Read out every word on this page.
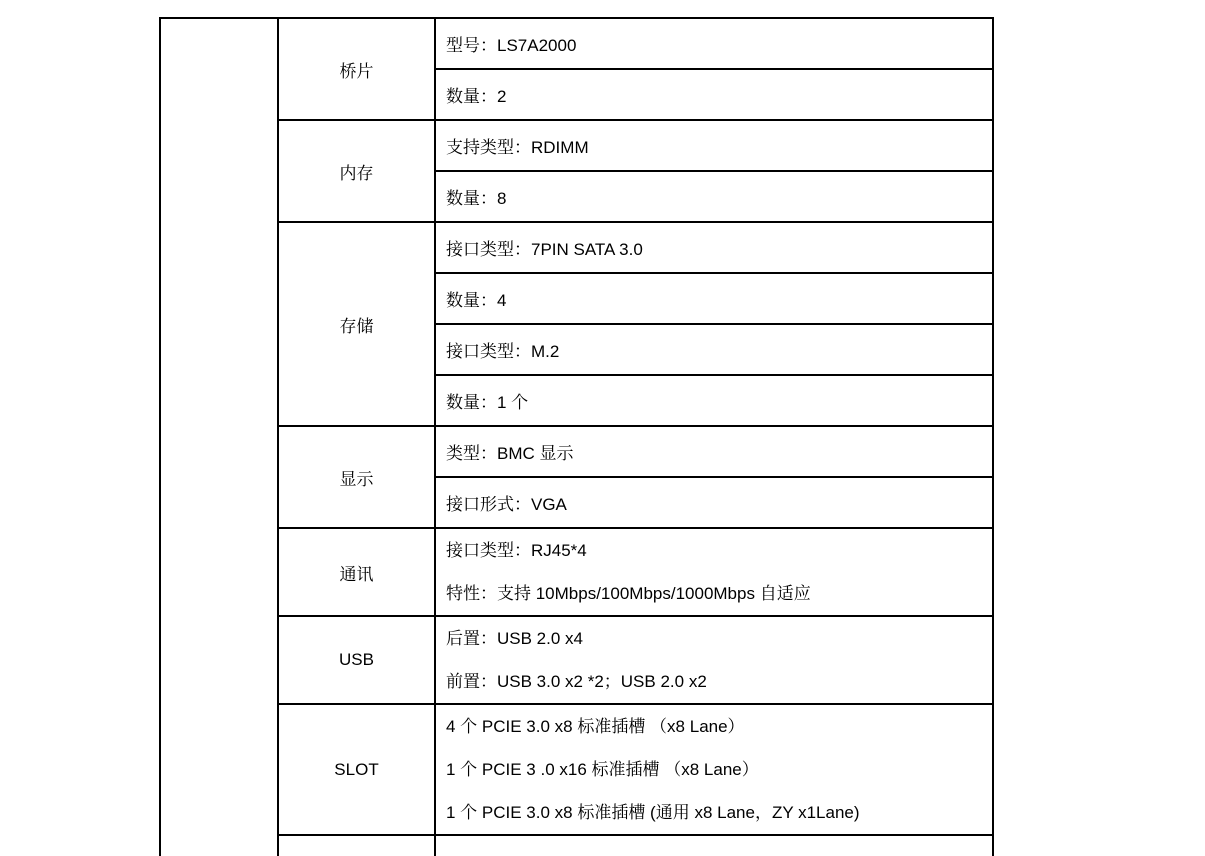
	桥片	型号：LS7A2000
		数量：2
	内存	支持类型：RDIMM
		数量：8
	存储	接口类型：7PIN SATA 3.0
		数量：4
		接口类型：M.2
		数量：1 个
	显示	类型：BMC 显示
		接口形式：VGA
	通讯	接口类型：RJ45*4
特性：支持 10Mbps/100Mbps/1000Mbps 自适应

	USB	后置：USB 2.0 x4
前置：USB 3.0 x2 *2；USB 2.0 x2

	SLOT	4 个 PCIE 3.0 x8 标准插槽 （x8 Lane）
1 个 PCIE 3 .0 x16 标准插槽 （x8 Lane）
1 个 PCIE 3.0 x8 标准插槽 (通用 x8 Lane，ZY x1Lane)
